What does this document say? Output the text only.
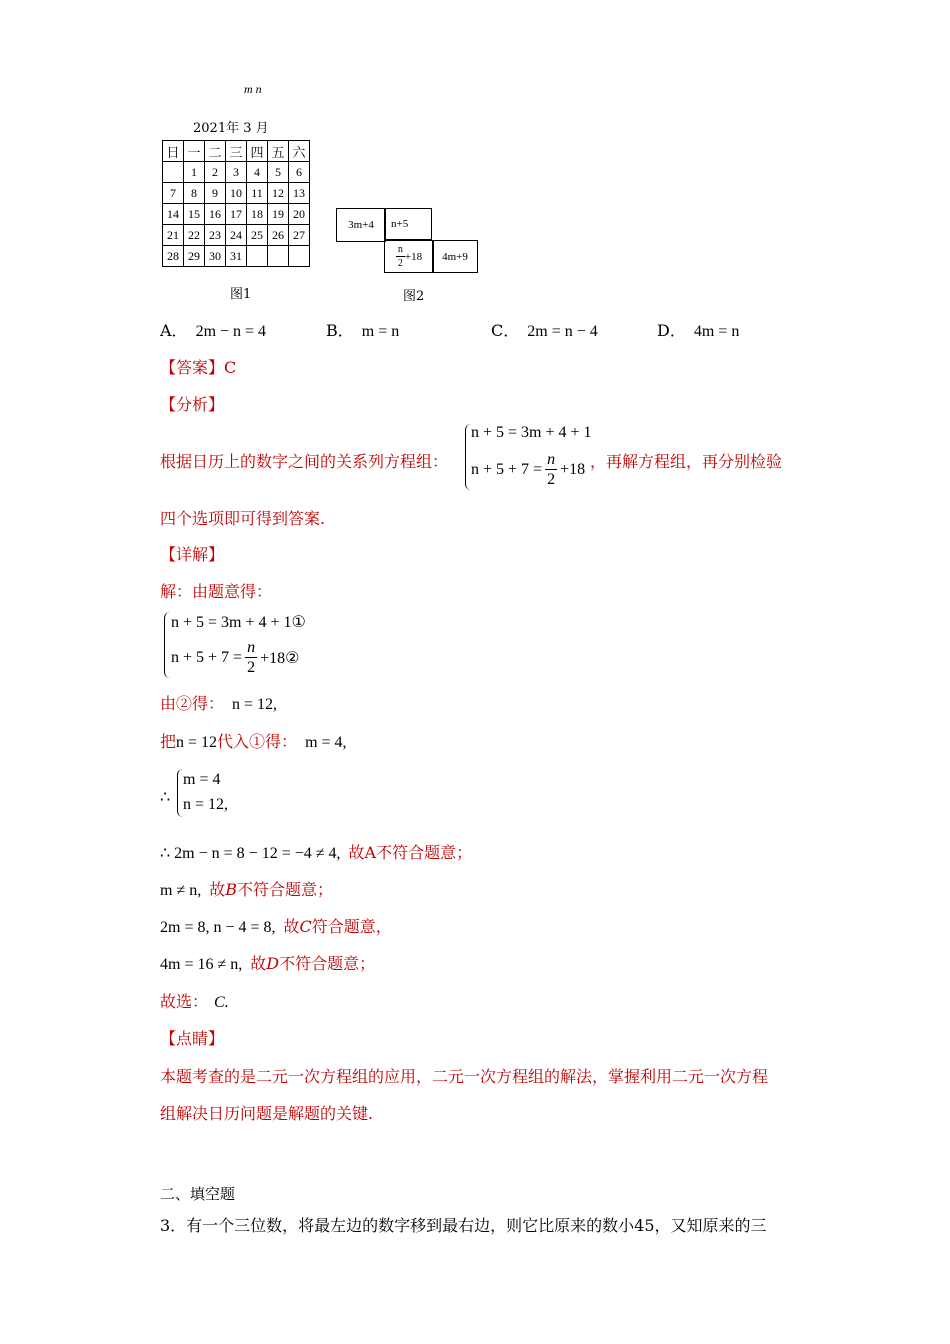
m n
2021年 3 月
日	一	二	三	四	五	六
	1	2	3	4	5	6
7	8	9	10	11	12	13
14	15	16	17	18	19	20
21	22	23	24	25	26	27
28	29	30	31			
图1
3m+4 n+5
$\frac{n}{2} +18$ 4m+9
图2
A． 2m − n = 4	B． m = n	C． 2m = n − 4	D． 4m = n
【答案】C
【分析】
根据日历上的数字之间的关系列方程组：
n + 5 = 3m + 4 + 1
$n + 5 + 7 = \frac{n}{2} +18$ ，再解方程组，再分别检验
四个选项即可得到答案.
【详解】
解：由题意得：
n + 5 = 3m + 4 + 1①
$n + 5 + 7 = \frac{n}{2}$ +18②
由②得： n = 12,
把n = 12代入①得： m = 4,
∴
m = 4
n = 12,
∴ 2m − n = 8 − 12 = −4 ≠ 4, 故A不符合题意；
m ≠ n, 故B不符合题意；
2m = 8, n − 4 = 8, 故C符合题意，
4m = 16 ≠ n, 故D不符合题意；
故选： C.
【点睛】
本题考查的是二元一次方程组的应用，二元一次方程组的解法，掌握利用二元一次方程
组解决日历问题是解题的关键.
二、填空题
3．有一个三位数，将最左边的数字移到最右边，则它比原来的数小45，又知原来的三
